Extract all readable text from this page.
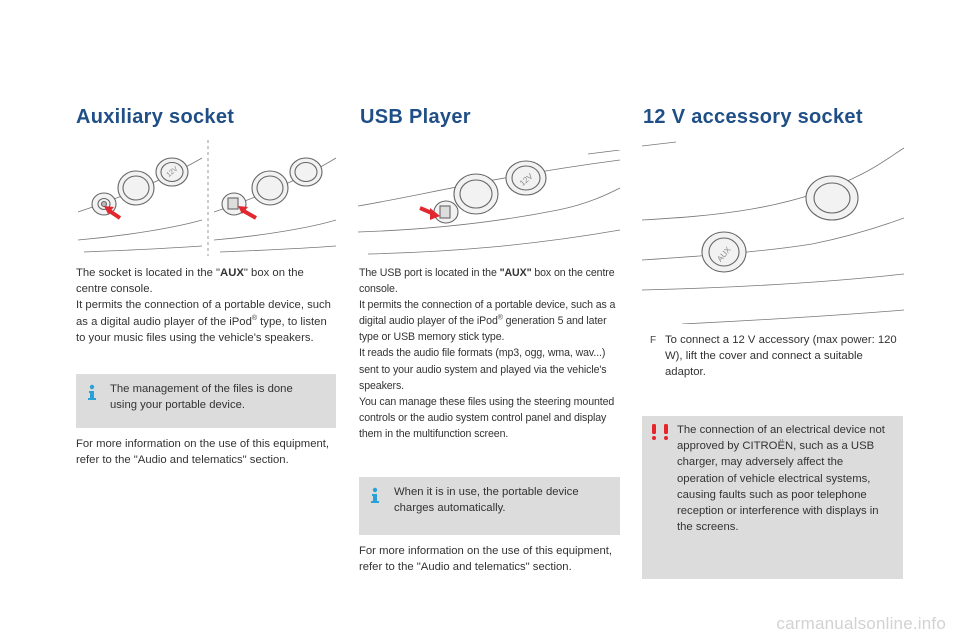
Auxiliary socket
12V
The socket is located in the "AUX" box on the centre console.
It permits the connection of a portable device, such as a digital audio player of the iPod® type, to listen to your music files using the vehicle's speakers.
The management of the files is done using your portable device.
For more information on the use of this equipment, refer to the "Audio and telematics" section.
USB Player
12V
The USB port is located in the "AUX" box on the centre console.
It permits the connection of a portable device, such as a digital audio player of the iPod® generation 5 and later type or USB memory stick type.
It reads the audio file formats (mp3, ogg, wma, wav...) sent to your audio system and played via the vehicle's speakers.
You can manage these files using the steering mounted controls or the audio system control panel and display them in the multifunction screen.
When it is in use, the portable device charges automatically.
For more information on the use of this equipment, refer to the "Audio and telematics" section.
12 V accessory socket
AUX
F To connect a 12 V accessory (max power: 120 W), lift the cover and connect a suitable adaptor.
The connection of an electrical device not approved by CITROËN, such as a USB charger, may adversely affect the operation of vehicle electrical systems, causing faults such as poor telephone reception or interference with displays in the screens.
carmanualsonline.info
